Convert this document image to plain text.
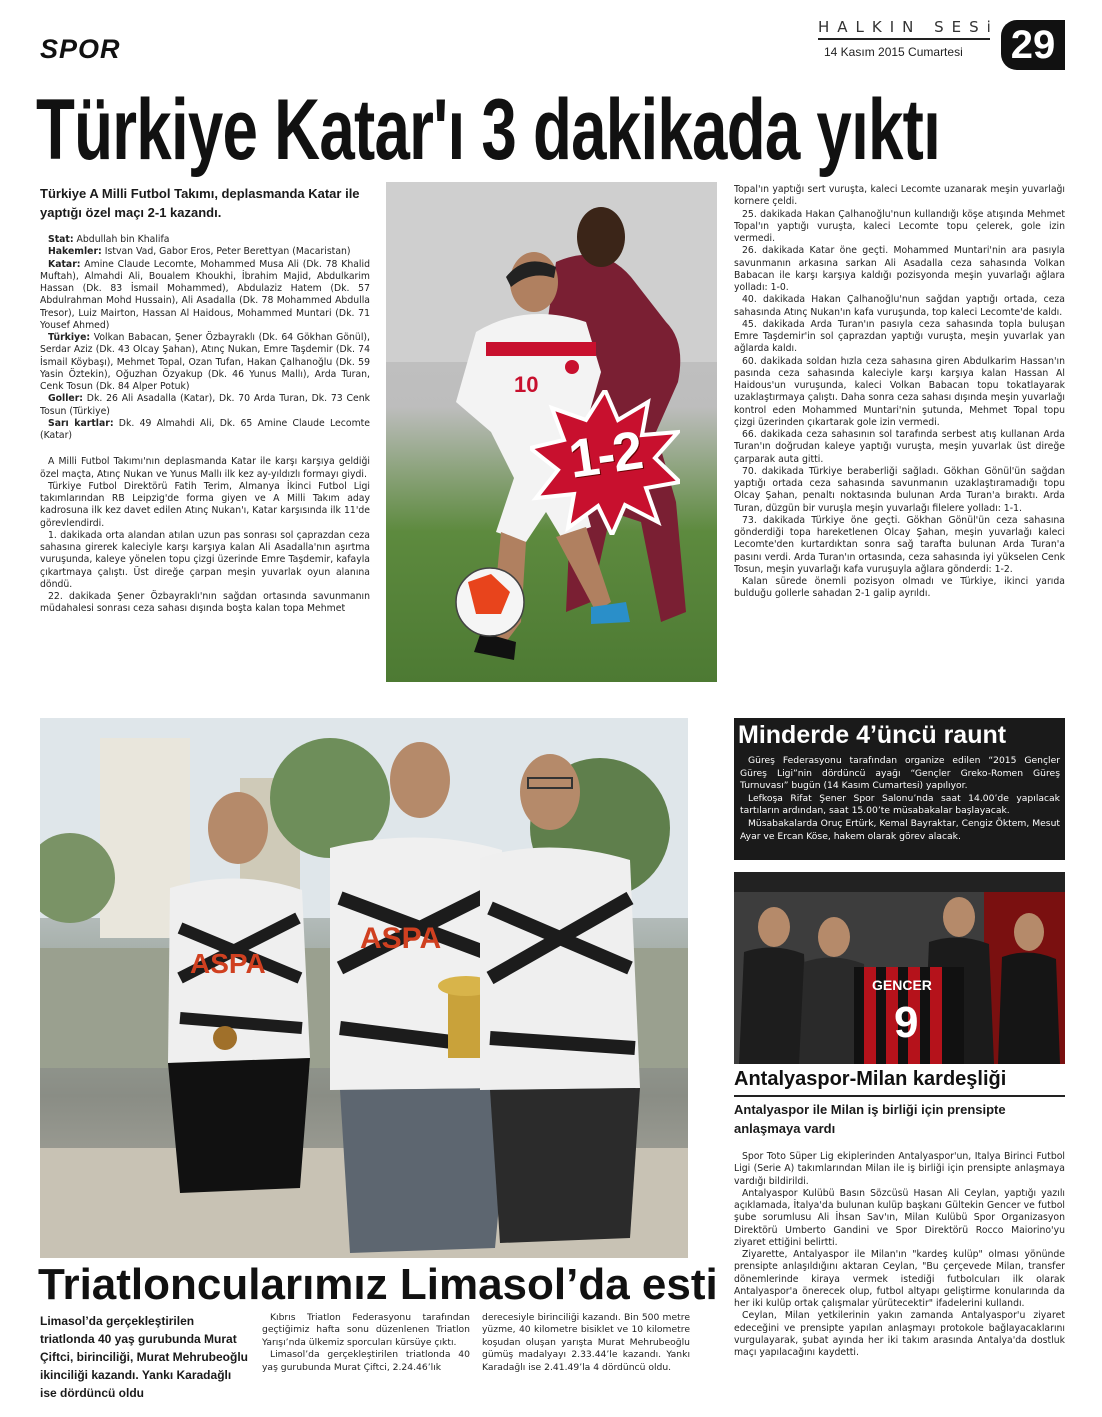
SPOR
HALKIN SESi
14 Kasım 2015 Cumartesi 29
Türkiye Katar'ı 3 dakikada yıktı
Türkiye A Milli Futbol Takımı, deplasmanda Katar ile yaptığı özel maçı 2-1 kazandı.

Stat: Abdullah bin Khalifa

Hakemler: Istvan Vad, Gabor Eros, Peter Berettyan (Macaristan)

Katar: Amine Claude Lecomte, Mohammed Musa Ali (Dk. 78 Khalid Muftah), Almahdi Ali, Boualem Khoukhi, İbrahim Majid, Abdulkarim Hassan (Dk. 83 İsmail Mohammed), Abdulaziz Hatem (Dk. 57 Abdulrahman Mohd Hussain), Ali Asadalla (Dk. 78 Mohammed Abdulla Tresor), Luiz Mairton, Hassan Al Haidous, Mohammed Muntari (Dk. 71 Yousef Ahmed)

Türkiye: Volkan Babacan, Şener Özbayraklı (Dk. 64 Gökhan Gönül), Serdar Aziz (Dk. 43 Olcay Şahan), Atınç Nukan, Emre Taşdemir (Dk. 74 İsmail Köybaşı), Mehmet Topal, Ozan Tufan, Hakan Çalhanoğlu (Dk. 59 Yasin Öztekin), Oğuzhan Özyakup (Dk. 46 Yunus Mallı), Arda Turan, Cenk Tosun (Dk. 84 Alper Potuk)

Goller: Dk. 26 Ali Asadalla (Katar), Dk. 70 Arda Turan, Dk. 73 Cenk Tosun (Türkiye)

Sarı kartlar: Dk. 49 Almahdi Ali, Dk. 65 Amine Claude Lecomte (Katar)

A Milli Futbol Takımı'nın deplasmanda Katar ile karşı karşıya geldiği özel maçta, Atınç Nukan ve Yunus Mallı ilk kez ay-yıldızlı formayı giydi.

Türkiye Futbol Direktörü Fatih Terim, Almanya İkinci Futbol Ligi takımlarından RB Leipzig'de forma giyen ve A Milli Takım aday kadrosuna ilk kez davet edilen Atınç Nukan'ı, Katar karşısında ilk 11'de görevlendirdi.

1. dakikada orta alandan atılan uzun pas sonrası sol çaprazdan ceza sahasına girerek kaleciyle karşı karşıya kalan Ali Asadalla'nın aşırtma vuruşunda, kaleye yönelen topu çizgi üzerinde Emre Taşdemir, kafayla çıkartmaya çalıştı. Üst direğe çarpan meşin yuvarlak oyun alanına döndü.

22. dakikada Şener Özbayraklı'nın sağdan ortasında savunmanın müdahalesi sonrası ceza sahası dışında boşta kalan topa Mehmet

10
1-2

Topal'ın yaptığı sert vuruşta, kaleci Lecomte uzanarak meşin yuvarlağı kornere çeldi.

25. dakikada Hakan Çalhanoğlu'nun kullandığı köşe atışında Mehmet Topal'ın yaptığı vuruşta, kaleci Lecomte topu çelerek, gole izin vermedi.

26. dakikada Katar öne geçti. Mohammed Muntari'nin ara pasıyla savunmanın arkasına sarkan Ali Asadalla ceza sahasında Volkan Babacan ile karşı karşıya kaldığı pozisyonda meşin yuvarlağı ağlara yolladı: 1-0.

40. dakikada Hakan Çalhanoğlu'nun sağdan yaptığı ortada, ceza sahasında Atınç Nukan'ın kafa vuruşunda, top kaleci Lecomte'de kaldı.

45. dakikada Arda Turan'ın pasıyla ceza sahasında topla buluşan Emre Taşdemir'in sol çaprazdan yaptığı vuruşta, meşin yuvarlak yan ağlarda kaldı.

60. dakikada soldan hızla ceza sahasına giren Abdulkarim Hassan'ın pasında ceza sahasında kaleciyle karşı karşıya kalan Hassan Al Haidous'un vuruşunda, kaleci Volkan Babacan topu tokatlayarak uzaklaştırmaya çalıştı. Daha sonra ceza sahası dışında meşin yuvarlağı kontrol eden Mohammed Muntari'nin şutunda, Mehmet Topal topu çizgi üzerinden çıkartarak gole izin vermedi.

66. dakikada ceza sahasının sol tarafında serbest atış kullanan Arda Turan'ın doğrudan kaleye yaptığı vuruşta, meşin yuvarlak üst direğe çarparak auta gitti.

70. dakikada Türkiye beraberliği sağladı. Gökhan Gönül'ün sağdan yaptığı ortada ceza sahasında savunmanın uzaklaştıramadığı topu Olcay Şahan, penaltı noktasında bulunan Arda Turan'a bıraktı. Arda Turan, düzgün bir vuruşla meşin yuvarlağı filelere yolladı: 1-1.

73. dakikada Türkiye öne geçti. Gökhan Gönül'ün ceza sahasına gönderdiği topa hareketlenen Olcay Şahan, meşin yuvarlağı kaleci Lecomte'den kurtardıktan sonra sağ tarafta bulunan Arda Turan'a pasını verdi. Arda Turan'ın ortasında, ceza sahasında iyi yükselen Cenk Tosun, meşin yuvarlağı kafa vuruşuyla ağlara gönderdi: 1-2.

Kalan sürede önemli pozisyon olmadı ve Türkiye, ikinci yarıda bulduğu gollerle sahadan 2-1 galip ayrıldı.

ASPA
ASPA
Minderde 4’üncü raunt

Güreş Federasyonu tarafından organize edilen “2015 Gençler Güreş Ligi”nin dördüncü ayağı “Gençler Greko-Romen Güreş Turnuvası” bugün (14 Kasım Cumartesi) yapılıyor.

Lefkoşa Rifat Şener Spor Salonu’nda saat 14.00’de yapılacak tartıların ardından, saat 15.00’te müsabakalar başlayacak.

Müsabakalarda Oruç Ertürk, Kemal Bayraktar, Cengiz Öktem, Mesut Ayar ve Ercan Köse, hakem olarak görev alacak.

GENCER
9
Antalyaspor-Milan kardeşliği
Antalyaspor ile Milan iş birliği için prensipte anlaşmaya vardı

Spor Toto Süper Lig ekiplerinden Antalyaspor'un, İtalya Birinci Futbol Ligi (Serie A) takımlarından Milan ile iş birliği için prensipte anlaşmaya vardığı bildirildi.

Antalyaspor Kulübü Basın Sözcüsü Hasan Ali Ceylan, yaptığı yazılı açıklamada, İtalya'da bulunan kulüp başkanı Gültekin Gencer ve futbol şube sorumlusu Ali İhsan Sav'ın, Milan Kulübü Spor Organizasyon Direktörü Umberto Gandini ve Spor Direktörü Rocco Maiorino'yu ziyaret ettiğini belirtti.

Ziyarette, Antalyaspor ile Milan'ın "kardeş kulüp" olması yönünde prensipte anlaşıldığını aktaran Ceylan, "Bu çerçevede Milan, transfer dönemlerinde kiraya vermek istediği futbolcuları ilk olarak Antalyaspor'a önerecek olup, futbol altyapı geliştirme konularında da her iki kulüp ortak çalışmalar yürütecektir" ifadelerini kullandı.

Ceylan, Milan yetkilerinin yakın zamanda Antalyaspor'u ziyaret edeceğini ve prensipte yapılan anlaşmayı protokole bağlayacaklarını vurgulayarak, şubat ayında her iki takım arasında Antalya'da dostluk maçı yapılacağını kaydetti.

Triatloncularımız Limasol’da esti
Limasol’da gerçekleştirilen triatlonda 40 yaş gurubunda Murat Çiftci, birinciliği, Murat Mehrubeoğlu ikinciliği kazandı. Yankı Karadağlı ise dördüncü oldu

Kıbrıs Triatlon Federasyonu tarafından geçtiğimiz hafta sonu düzenlenen Triatlon Yarışı’nda ülkemiz sporcuları kürsüye çıktı.

Limasol’da gerçekleştirilen triatlonda 40 yaş gurubunda Murat Çiftci, 2.24.46’lık

derecesiyle birinciliği kazandı. Bin 500 metre yüzme, 40 kilometre bisiklet ve 10 kilometre koşudan oluşan yarışta Murat Mehrubeoğlu gümüş madalyayı 2.33.44’le kazandı. Yankı Karadağlı ise 2.41.49’la 4 dördüncü oldu.
